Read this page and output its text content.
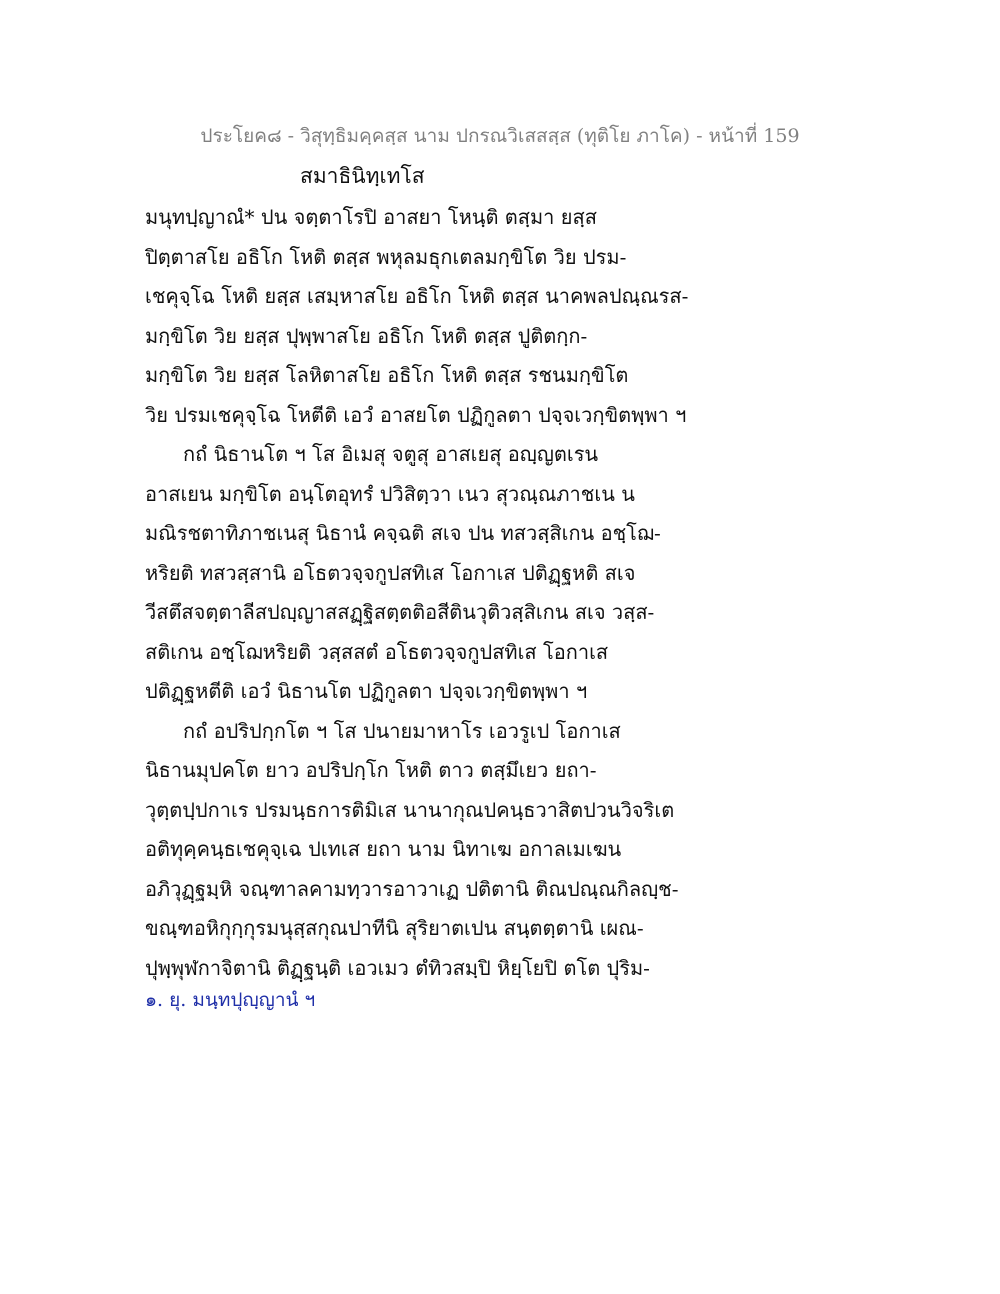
ประโยค๘ - วิสุทฺธิมคฺคสฺส นาม ปกรณวิเสสสฺส (ทุติโย ภาโค) - หน้าที่ 159
สมาธินิทฺเทโส
มนุทปฺญาณํ* ปน จตฺตาโรปิ อาสยา โหนฺติ ตสฺมา ยสฺส
ปิตฺตาสโย อธิโก โหติ ตสฺส พหุลมธุกเตลมกฺขิโต วิย ปรม-
เชคุจฺโฉ โหติ ยสฺส เสมฺหาสโย อธิโก โหติ ตสฺส นาคพลปณฺณรส-
มกฺขิโต วิย ยสฺส ปุพฺพาสโย อธิโก โหติ ตสฺส ปูติตกฺก-
มกฺขิโต วิย ยสฺส โลหิตาสโย อธิโก โหติ ตสฺส รชนมกฺขิโต
วิย ปรมเชคุจฺโฉ โหตีติ เอวํ อาสยโต ปฏิกูลตา ปจฺจเวกฺขิตพฺพา ฯ
กถํ นิธานโต ฯ โส อิเมสุ จตูสุ อาสเยสุ อญฺญตเรน
อาสเยน มกฺขิโต อนฺโตอุทรํ ปวิสิตฺวา เนว สุวณฺณภาชเน น
มณิรชตาทิภาชเนสุ นิธานํ คจฺฉติ สเจ ปน ทสวสฺสิเกน อชฺโฌ-
หริยติ ทสวสฺสานิ อโธตวจฺจกูปสทิเส โอกาเส ปติฏฺฐหติ สเจ
วีสตึสจตฺตาลีสปญฺญาสสฏฺฐิสตฺตติอสีตินวุติวสฺสิเกน สเจ วสฺส-
สติเกน อชฺโฌหริยติ วสฺสสตํ อโธตวจฺจกูปสทิเส โอกาเส
ปติฏฺฐหตีติ เอวํ นิธานโต ปฏิกูลตา ปจฺจเวกฺขิตพฺพา ฯ
กถํ อปริปกฺกโต ฯ โส ปนายมาหาโร เอวรูเป โอกาเส
นิธานมุปคโต ยาว อปริปกฺโก โหติ ตาว ตสฺมึเยว ยถา-
วุตฺตปฺปกาเร ปรมนฺธการติมิเส นานากุณปคนฺธวาสิตปวนวิจริเต
อติทุคฺคนฺธเชคุจฺเฉ ปเทเส ยถา นาม นิทาเฆ อกาลเมเฆน
อภิวุฏฺฐมฺหิ จณฺฑาลคามทฺวารอาวาเฏ ปติตานิ ติณปณฺณกิลญฺช-
ขณฺฑอหิกุกฺกุรมนุสฺสกุณปาทีนิ สุริยาตเปน สนฺตตฺตานิ เผณ-
ปุพฺพุฬกาจิตานิ ติฏฺฐนฺติ เอวเมว ตํทิวสมฺปิ หิยฺโยปิ ตโต ปุริม-
๑. ยุ. มนฺทปุญฺญานํ ฯ
